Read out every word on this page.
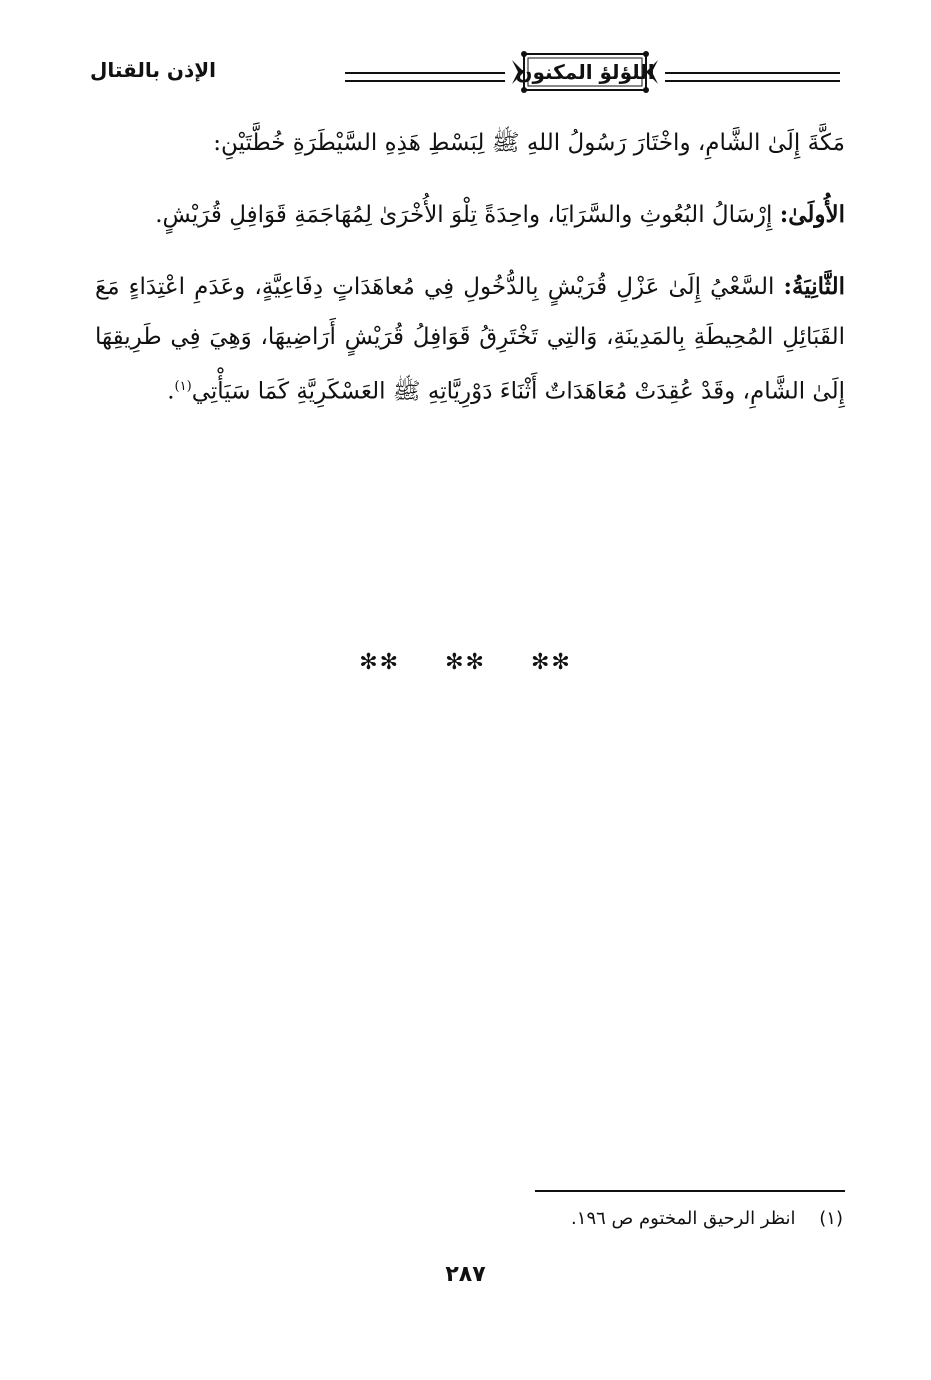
الإذن بالقتال	اللؤلؤ المكنون

مَكَّةَ إِلَىٰ الشَّامِ، واخْتَارَ رَسُولُ اللهِ ﷺ لِبَسْطِ هَذِهِ السَّيْطَرَةِ خُطَّتَيْنِ:

الأُولَىٰ: إِرْسَالُ البُعُوثِ والسَّرَايَا، واحِدَةً تِلْوَ الأُخْرَىٰ لِمُهَاجَمَةِ قَوَافِلِ قُرَيْشٍ.

الثَّانِيَةُ: السَّعْيُ إِلَىٰ عَزْلِ قُرَيْشٍ بِالدُّخُولِ فِي مُعاهَدَاتٍ دِفَاعِيَّةٍ، وعَدَمِ اعْتِدَاءٍ مَعَ القَبَائِلِ المُحِيطَةِ بِالمَدِينَةِ، وَالتِي تَخْتَرِقُ قَوَافِلُ قُرَيْشٍ أَرَاضِيهَا، وَهِيَ فِي طَرِيقِهَا إِلَىٰ الشَّامِ، وقَدْ عُقِدَتْ مُعَاهَدَاتٌ أَثْنَاءَ دَوْرِيَّاتِهِ ﷺ العَسْكَرِيَّةِ كَمَا سَيَأْتِي$^{(١)}$.

✻✻ ✻✻ ✻✻
(١) انظر الرحيق المختوم ص ١٩٦.
٢٨٧
